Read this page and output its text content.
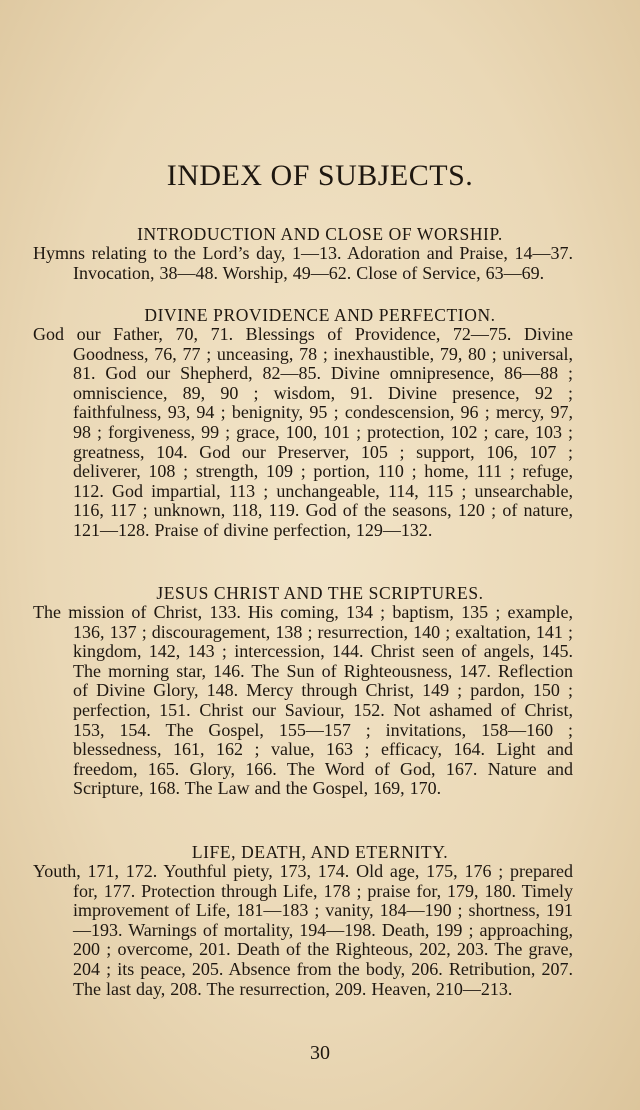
INDEX OF SUBJECTS.
INTRODUCTION AND CLOSE OF WORSHIP.

Hymns relating to the Lord’s day, 1—13. Adoration and Praise, 14—37. Invocation, 38—48. Worship, 49—62. Close of Service, 63—69.

DIVINE PROVIDENCE AND PERFECTION.

God our Father, 70, 71. Blessings of Providence, 72—75. Divine Goodness, 76, 77 ; unceasing, 78 ; inexhaustible, 79, 80 ; universal, 81. God our Shepherd, 82—85. Divine omnipresence, 86—88 ; omniscience, 89, 90 ; wisdom, 91. Divine presence, 92 ; faithfulness, 93, 94 ; benignity, 95 ; condescension, 96 ; mercy, 97, 98 ; forgiveness, 99 ; grace, 100, 101 ; protection, 102 ; care, 103 ; greatness, 104. God our Preserver, 105 ; support, 106, 107 ; deliverer, 108 ; strength, 109 ; portion, 110 ; home, 111 ; refuge, 112. God impartial, 113 ; unchangeable, 114, 115 ; unsearchable, 116, 117 ; unknown, 118, 119. God of the seasons, 120 ; of nature, 121—128. Praise of divine perfection, 129—132.

JESUS CHRIST AND THE SCRIPTURES.

The mission of Christ, 133. His coming, 134 ; baptism, 135 ; example, 136, 137 ; discouragement, 138 ; resurrection, 140 ; exaltation, 141 ; kingdom, 142, 143 ; intercession, 144. Christ seen of angels, 145. The morning star, 146. The Sun of Righteousness, 147. Reflection of Divine Glory, 148. Mercy through Christ, 149 ; pardon, 150 ; perfection, 151. Christ our Saviour, 152. Not ashamed of Christ, 153, 154. The Gospel, 155—157 ; invitations, 158—160 ; blessedness, 161, 162 ; value, 163 ; efficacy, 164. Light and freedom, 165. Glory, 166. The Word of God, 167. Nature and Scripture, 168. The Law and the Gospel, 169, 170.

LIFE, DEATH, AND ETERNITY.

Youth, 171, 172. Youthful piety, 173, 174. Old age, 175, 176 ; prepared for, 177. Protection through Life, 178 ; praise for, 179, 180. Timely improvement of Life, 181—183 ; vanity, 184—190 ; shortness, 191—193. Warnings of mortality, 194—198. Death, 199 ; approaching, 200 ; overcome, 201. Death of the Righteous, 202, 203. The grave, 204 ; its peace, 205. Absence from the body, 206. Retribution, 207. The last day, 208. The resurrection, 209. Heaven, 210—213.

30
